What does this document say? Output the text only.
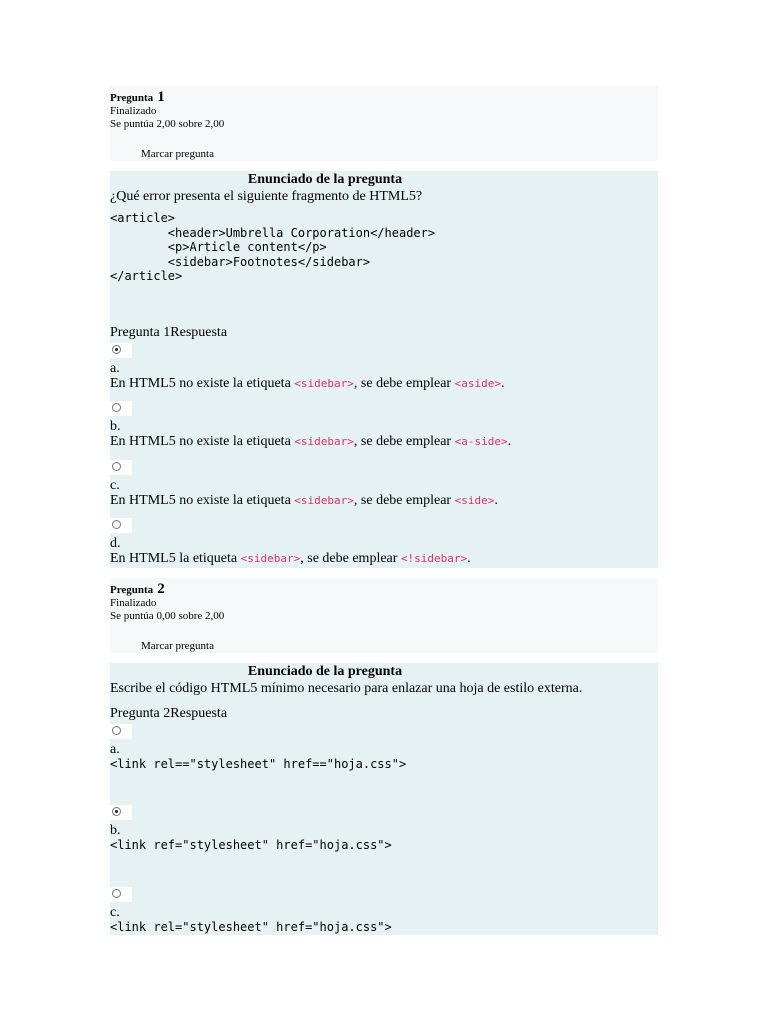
Pregunta 1
Finalizado
Se puntúa 2,00 sobre 2,00
Marcar pregunta
Enunciado de la pregunta
¿Qué error presenta el siguiente fragmento de HTML5?
<article>
<header>Umbrella Corporation</header>
<p>Article content</p>
<sidebar>Footnotes</sidebar>
</article>
Pregunta 1Respuesta
a.
En HTML5 no existe la etiqueta <sidebar>, se debe emplear <aside>.
b.
En HTML5 no existe la etiqueta <sidebar>, se debe emplear <a-side>.
c.
En HTML5 no existe la etiqueta <sidebar>, se debe emplear <side>.
d.
En HTML5 la etiqueta <sidebar>, se debe emplear <!sidebar>.
Pregunta 2
Finalizado
Se puntúa 0,00 sobre 2,00
Marcar pregunta
Enunciado de la pregunta
Escribe el código HTML5 mínimo necesario para enlazar una hoja de estilo externa.
Pregunta 2Respuesta
a.
<link rel=="stylesheet" href=="hoja.css">
b.
<link ref="stylesheet" href="hoja.css">
c.
<link rel="stylesheet" href="hoja.css">
